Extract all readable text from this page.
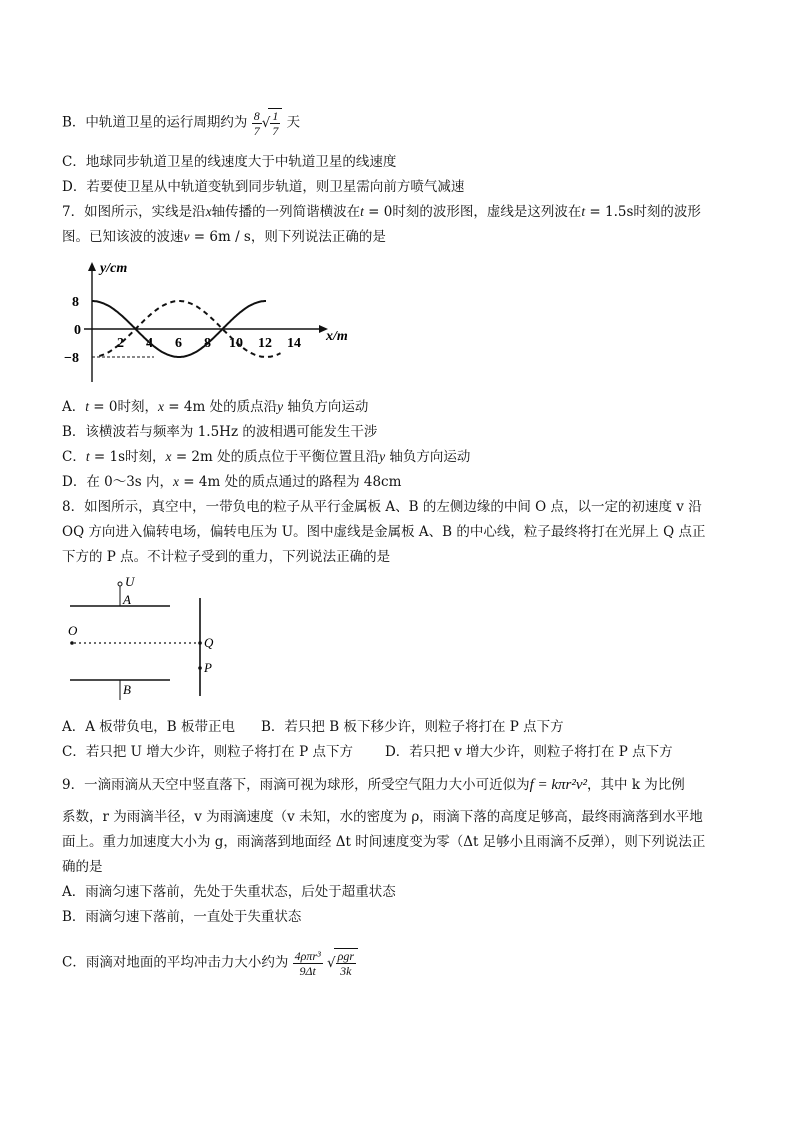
B．中轨道卫星的运行周期约为 $\frac{8}{7}$ √ $\frac{1}{7}$ 天
C．地球同步轨道卫星的线速度大于中轨道卫星的线速度
D．若要使卫星从中轨道变轨到同步轨道，则卫星需向前方喷气减速
7．如图所示，实线是沿x轴传播的一列简谐横波在t = 0时刻的波形图，虚线是这列波在t = 1.5s时刻的波形
图。已知该波的波速v = 6m / s，则下列说法正确的是
y/cm
x/m
8
0
−8
2 4 6 8 10 12 14
A．t = 0时刻，x = 4m 处的质点沿y 轴负方向运动
B．该横波若与频率为 1.5Hz 的波相遇可能发生干涉
C．t = 1s时刻，x = 2m 处的质点位于平衡位置且沿y 轴负方向运动
D．在 0～3s 内，x = 4m 处的质点通过的路程为 48cm
8．如图所示，真空中，一带负电的粒子从平行金属板 A、B 的左侧边缘的中间 O 点，以一定的初速度 v 沿
OQ 方向进入偏转电场，偏转电压为 U。图中虚线是金属板 A、B 的中心线，粒子最终将打在光屏上 Q 点正
下方的 P 点。不计粒子受到的重力，下列说法正确的是
U
A
O
Q
P
B
A．A 板带负电，B 板带正电 B．若只把 B 板下移少许，则粒子将打在 P 点下方
C．若只把 U 增大少许，则粒子将打在 P 点下方 D．若只把 v 增大少许，则粒子将打在 P 点下方
9．一滴雨滴从天空中竖直落下，雨滴可视为球形，所受空气阻力大小可近似为f = kπr²v²，其中 k 为比例
系数，r 为雨滴半径，v 为雨滴速度（v 未知，水的密度为 ρ，雨滴下落的高度足够高，最终雨滴落到水平地
面上。重力加速度大小为 g，雨滴落到地面经 Δt 时间速度变为零（Δt 足够小且雨滴不反弹），则下列说法正
确的是
A．雨滴匀速下落前，先处于失重状态，后处于超重状态
B．雨滴匀速下落前，一直处于失重状态
C．雨滴对地面的平均冲击力大小约为 $\frac{\text{4ρπr³}}{9\Delta t}$ √ $\frac{\text{ρgr}}{3k}$
